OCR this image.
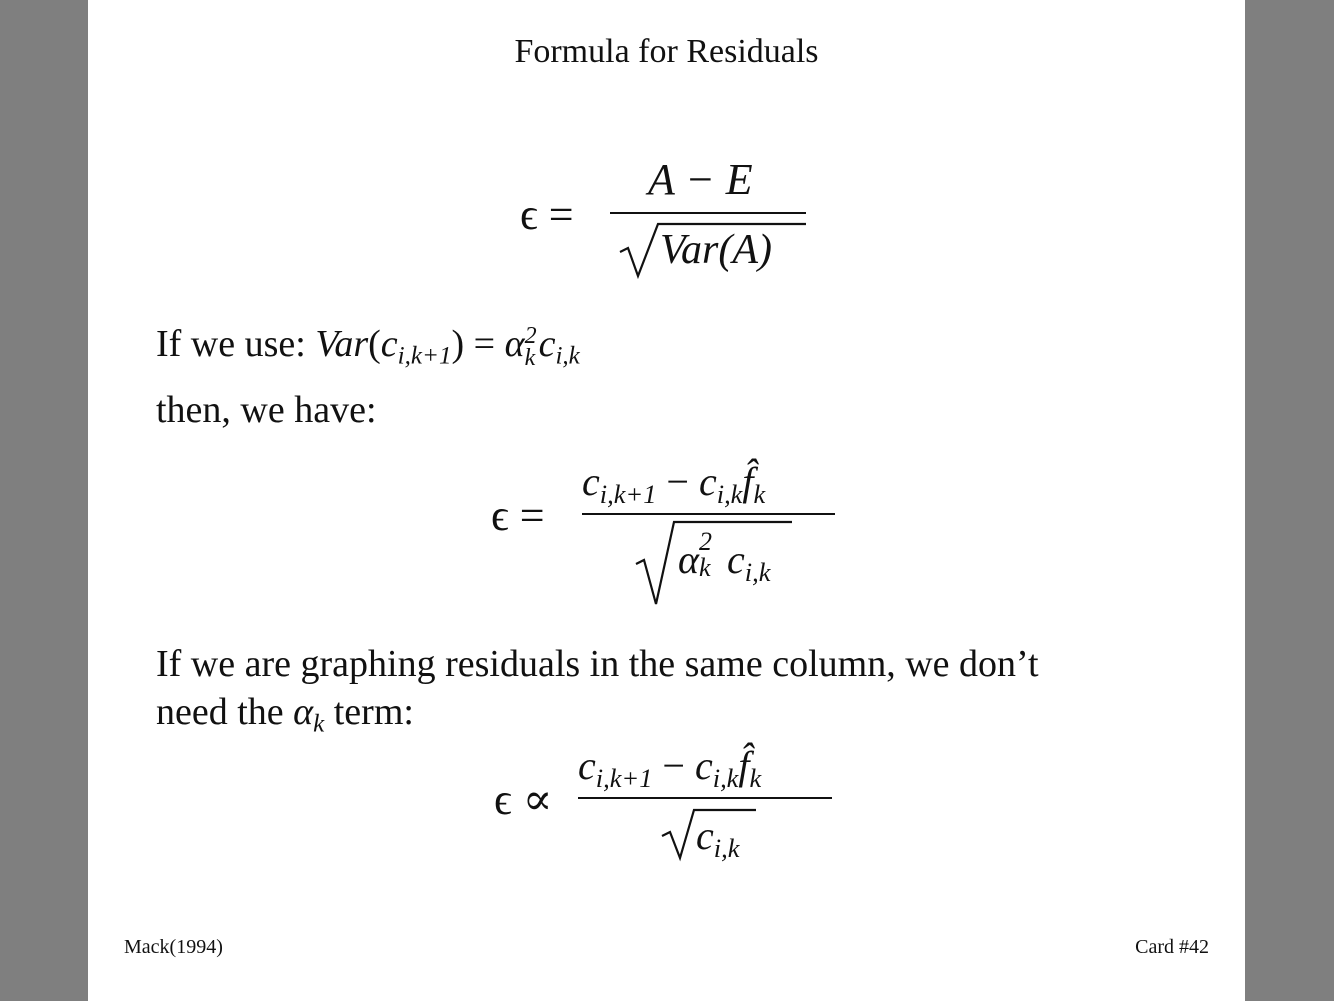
Formula for Residuals
ϵ =
A − E
Var(A)
If we use: $Var(c_{i,k+1}) = \alpha$ 2
k $c_{i,k}$
then, we have:
ϵ =
$c_{i,k+1}$ − $c_{i,k}f̂_k$
α 2
k $c_{i,k}$
If we are graphing residuals in the same column, we don’t
need the $\alpha_k$ term:
ϵ ∝
$c_{i,k+1}$ − $c_{i,k}f̂_k$
$c_{i,k}$
Mack(1994)	Card #42
